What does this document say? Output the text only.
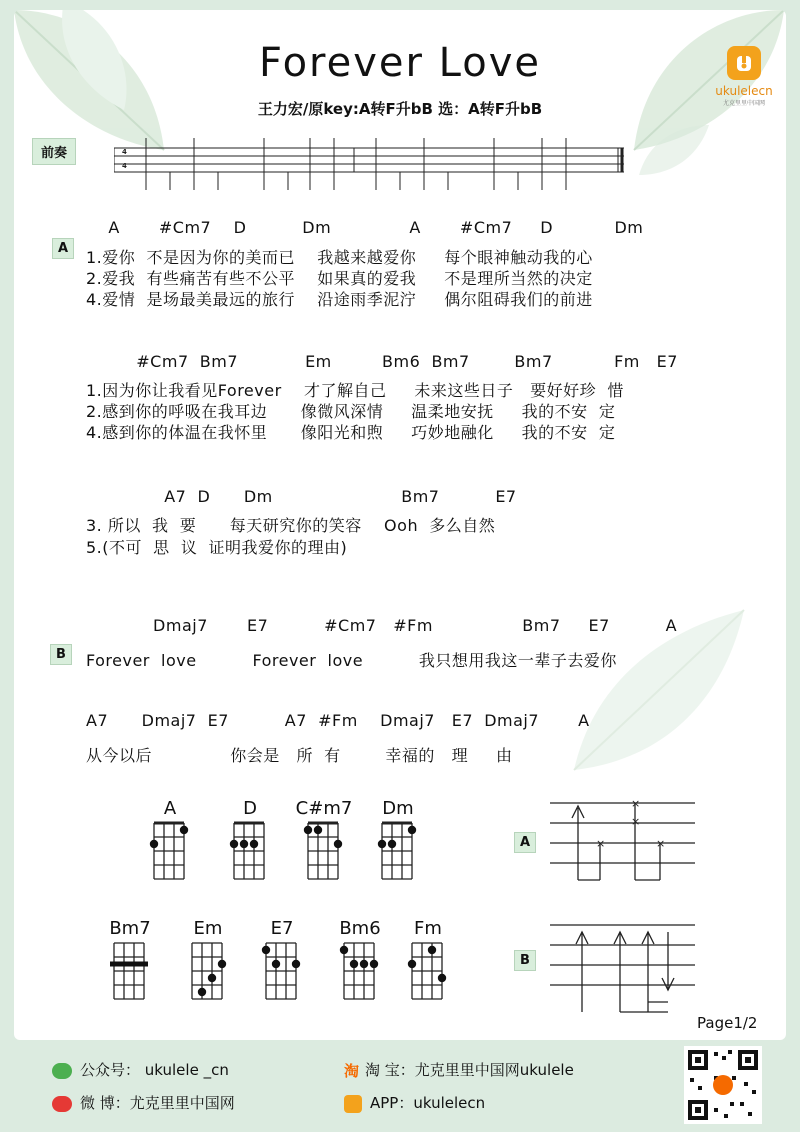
Forever Love
王力宏/原key:A转F升bB 选：A转F升bB
ukulelecn
尤克里里中国网
前奏	4
4
A
A       #Cm7    D          Dm              A       #Cm7     D           Dm
1.爱你  不是因为你的美而已    我越来越爱你     每个眼神触动我的心
2.爱我  有些痛苦有些不公平    如果真的爱我     不是理所当然的决定
4.爱情  是场最美最远的旅行    沿途雨季泥泞     偶尔阻碍我们的前进
#Cm7  Bm7            Em         Bm6  Bm7        Bm7           Fm   E7
1.因为你让我看见Forever    才了解自己     未来这些日子   要好好珍  惜
2.感到你的呼吸在我耳边      像微风深情     温柔地安抚     我的不安  定
4.感到你的体温在我怀里      像阳光和煦     巧妙地融化     我的不安  定
A7  D      Dm                       Bm7          E7
3. 所以  我  要      每天研究你的笑容    Ooh  多么自然
5.(不可  思  议  证明我爱你的理由)
B
Dmaj7       E7          #Cm7   #Fm                Bm7     E7          A
Forever  love          Forever  love          我只想用我这一辈子去爱你
A7      Dmaj7  E7          A7  #Fm    Dmaj7   E7  Dmaj7       A
从今以后              你会是   所  有        幸福的   理     由
A	×
×
×
×
B
Page1/2
A	D	C#m7	Dm
Bm7	Em	E7	Bm6	Fm
公众号： ukulele _cn
微 博：尤克里里中国网
淘 淘 宝：尤克里里中国网ukulele
APP：ukulelecn
